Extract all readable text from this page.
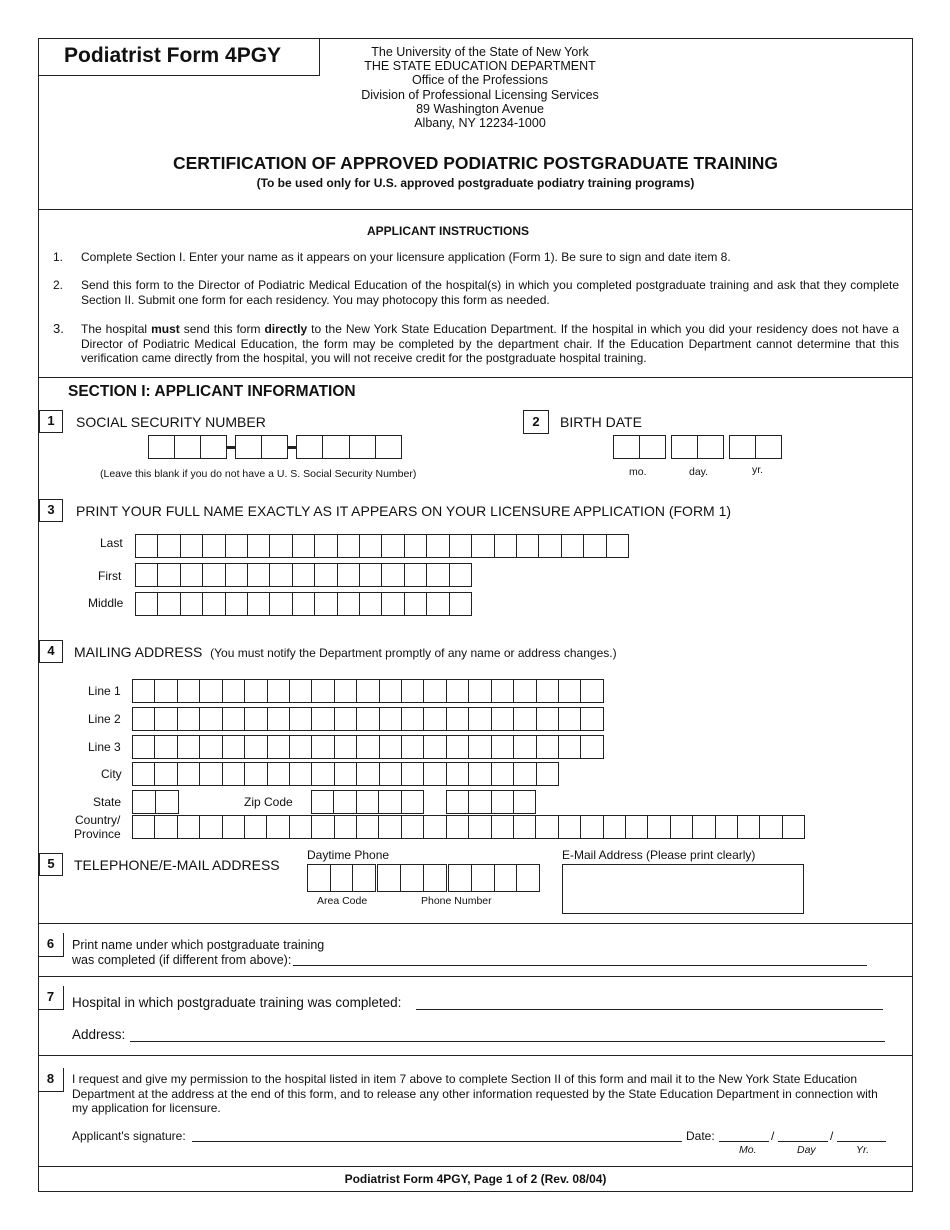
Podiatrist Form 4PGY	The University of the State of New York
THE STATE EDUCATION DEPARTMENT
Office of the Professions
Division of Professional Licensing Services
89 Washington Avenue
Albany, NY 12234-1000
CERTIFICATION OF APPROVED PODIATRIC POSTGRADUATE TRAINING
(To be used only for U.S. approved postgraduate podiatry training programs)
APPLICANT INSTRUCTIONS
1. Complete Section I. Enter your name as it appears on your licensure application (Form 1). Be sure to sign and date item 8.
2. Send this form to the Director of Podiatric Medical Education of the hospital(s) in which you completed postgraduate training and ask that they complete Section II. Submit one form for each residency. You may photocopy this form as needed.
3. The hospital must send this form directly to the New York State Education Department. If the hospital in which you did your residency does not have a Director of Podiatric Medical Education, the form may be completed by the department chair. If the Education Department cannot determine that this verification came directly from the hospital, you will not receive credit for the postgraduate hospital training.
SECTION I: APPLICANT INFORMATION
1	SOCIAL SECURITY NUMBER
(Leave this blank if you do not have a U. S. Social Security Number)
2	BIRTH DATE
mo.	day.	yr.
3	PRINT YOUR FULL NAME EXACTLY AS IT APPEARS ON YOUR LICENSURE APPLICATION (FORM 1)
Last
First
Middle
4	MAILING ADDRESS (You must notify the Department promptly of any name or address changes.)
Line 1
Line 2
Line 3
City
State	Zip Code
Country/
Province
5	TELEPHONE/E-MAIL ADDRESS
Daytime Phone
Area Code	Phone Number
E-Mail Address (Please print clearly)
6	Print name under which postgraduate training
was completed (if different from above):
7	Hospital in which postgraduate training was completed:
Address:
8	I request and give my permission to the hospital listed in item 7 above to complete Section II of this form and mail it to the New York State Education Department at the address at the end of this form, and to release any other information requested by the State Education Department in connection with my application for licensure.
Applicant's signature:	Date:	/	/
Mo.	Day	Yr.
Podiatrist Form 4PGY, Page 1 of 2 (Rev. 08/04)
